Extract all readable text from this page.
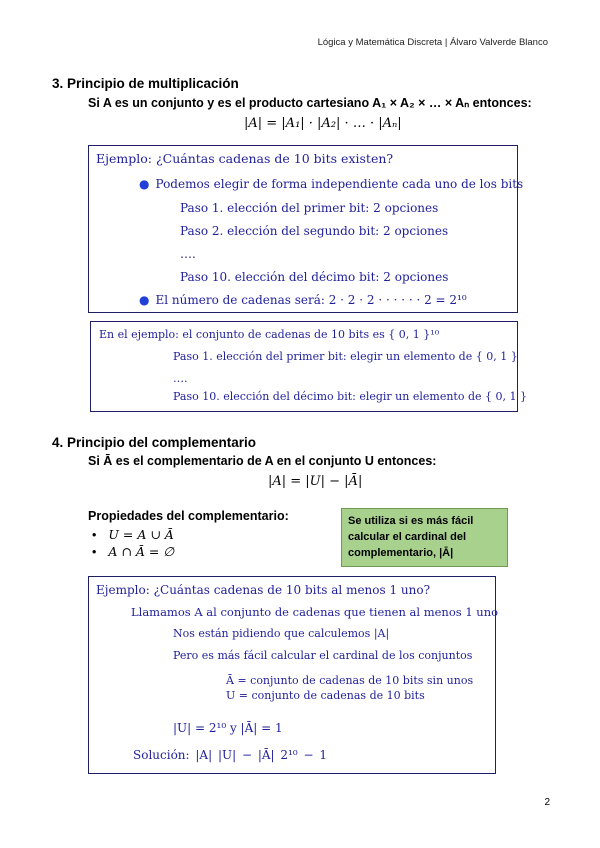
Lógica y Matemática Discreta | Álvaro Valverde Blanco
3. Principio de multiplicación
Si A es un conjunto y es el producto cartesiano A₁ × A₂ × … × Aₙ entonces:
|A| = |A₁| · |A₂| · … · |Aₙ|
Ejemplo: ¿Cuántas cadenas de 10 bits existen?
● Podemos elegir de forma independiente cada uno de los bits
Paso 1. elección del primer bit: 2 opciones
Paso 2. elección del segundo bit: 2 opciones
….
Paso 10. elección del décimo bit: 2 opciones
● El número de cadenas será: 2 · 2 · 2 · · · · · · 2 = 2¹⁰
En el ejemplo: el conjunto de cadenas de 10 bits es { 0, 1 }¹⁰
Paso 1. elección del primer bit: elegir un elemento de { 0, 1 }
….
Paso 10. elección del décimo bit: elegir un elemento de { 0, 1 }
4. Principio del complementario
Si Ā es el complementario de A en el conjunto U entonces:
|A| = |U| − |Ā|
Propiedades del complementario:
• U = A ∪ Ā
• A ∩ Ā = ∅
Se utiliza si es más fácil calcular el cardinal del complementario, |Ā|
Ejemplo: ¿Cuántas cadenas de 10 bits al menos 1 uno?
Llamamos A al conjunto de cadenas que tienen al menos 1 uno
Nos están pidiendo que calculemos |A|
Pero es más fácil calcular el cardinal de los conjuntos
Ā = conjunto de cadenas de 10 bits sin unos
U = conjunto de cadenas de 10 bits
|U| = 2¹⁰ y |Ā| = 1
Solución: |A| |U| − |Ā| 2¹⁰ − 1
2
